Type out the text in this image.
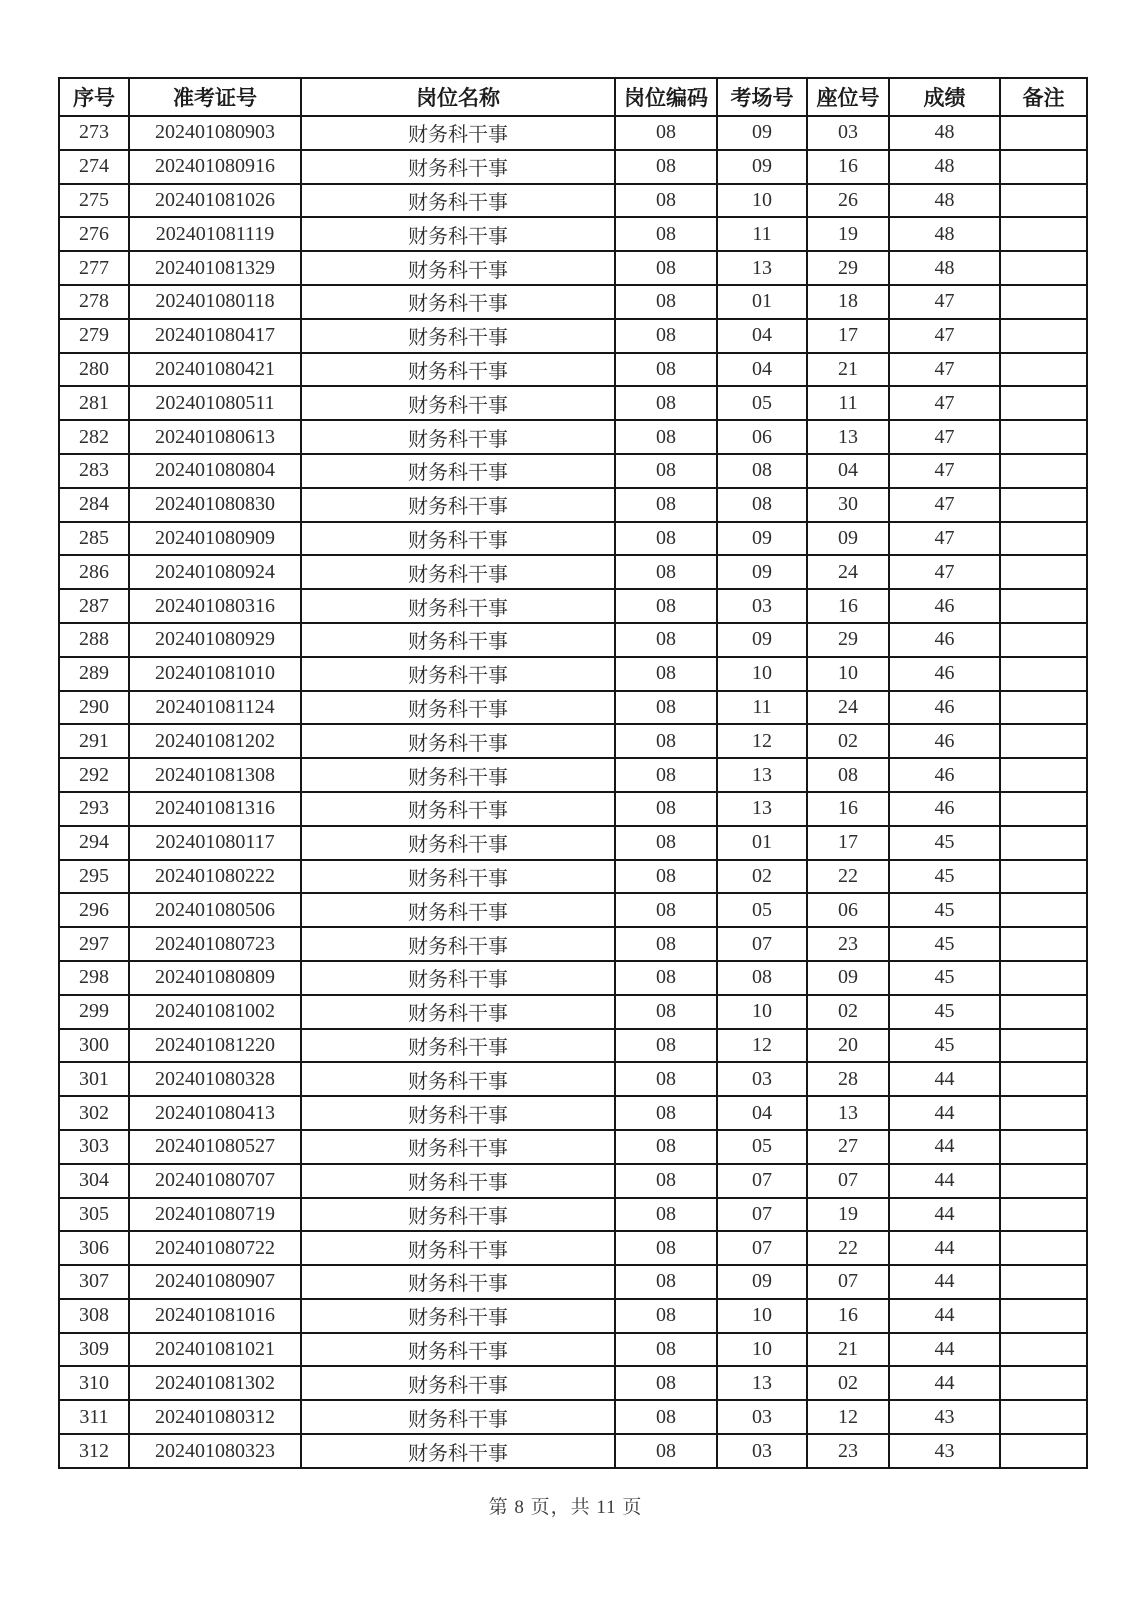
序号	准考证号	岗位名称	岗位编码	考场号	座位号	成绩	备注
273	202401080903	财务科干事	08	09	03	48	
274	202401080916	财务科干事	08	09	16	48	
275	202401081026	财务科干事	08	10	26	48	
276	202401081119	财务科干事	08	11	19	48	
277	202401081329	财务科干事	08	13	29	48	
278	202401080118	财务科干事	08	01	18	47	
279	202401080417	财务科干事	08	04	17	47	
280	202401080421	财务科干事	08	04	21	47	
281	202401080511	财务科干事	08	05	11	47	
282	202401080613	财务科干事	08	06	13	47	
283	202401080804	财务科干事	08	08	04	47	
284	202401080830	财务科干事	08	08	30	47	
285	202401080909	财务科干事	08	09	09	47	
286	202401080924	财务科干事	08	09	24	47	
287	202401080316	财务科干事	08	03	16	46	
288	202401080929	财务科干事	08	09	29	46	
289	202401081010	财务科干事	08	10	10	46	
290	202401081124	财务科干事	08	11	24	46	
291	202401081202	财务科干事	08	12	02	46	
292	202401081308	财务科干事	08	13	08	46	
293	202401081316	财务科干事	08	13	16	46	
294	202401080117	财务科干事	08	01	17	45	
295	202401080222	财务科干事	08	02	22	45	
296	202401080506	财务科干事	08	05	06	45	
297	202401080723	财务科干事	08	07	23	45	
298	202401080809	财务科干事	08	08	09	45	
299	202401081002	财务科干事	08	10	02	45	
300	202401081220	财务科干事	08	12	20	45	
301	202401080328	财务科干事	08	03	28	44	
302	202401080413	财务科干事	08	04	13	44	
303	202401080527	财务科干事	08	05	27	44	
304	202401080707	财务科干事	08	07	07	44	
305	202401080719	财务科干事	08	07	19	44	
306	202401080722	财务科干事	08	07	22	44	
307	202401080907	财务科干事	08	09	07	44	
308	202401081016	财务科干事	08	10	16	44	
309	202401081021	财务科干事	08	10	21	44	
310	202401081302	财务科干事	08	13	02	44	
311	202401080312	财务科干事	08	03	12	43	
312	202401080323	财务科干事	08	03	23	43	
第 8 页，共 11 页
